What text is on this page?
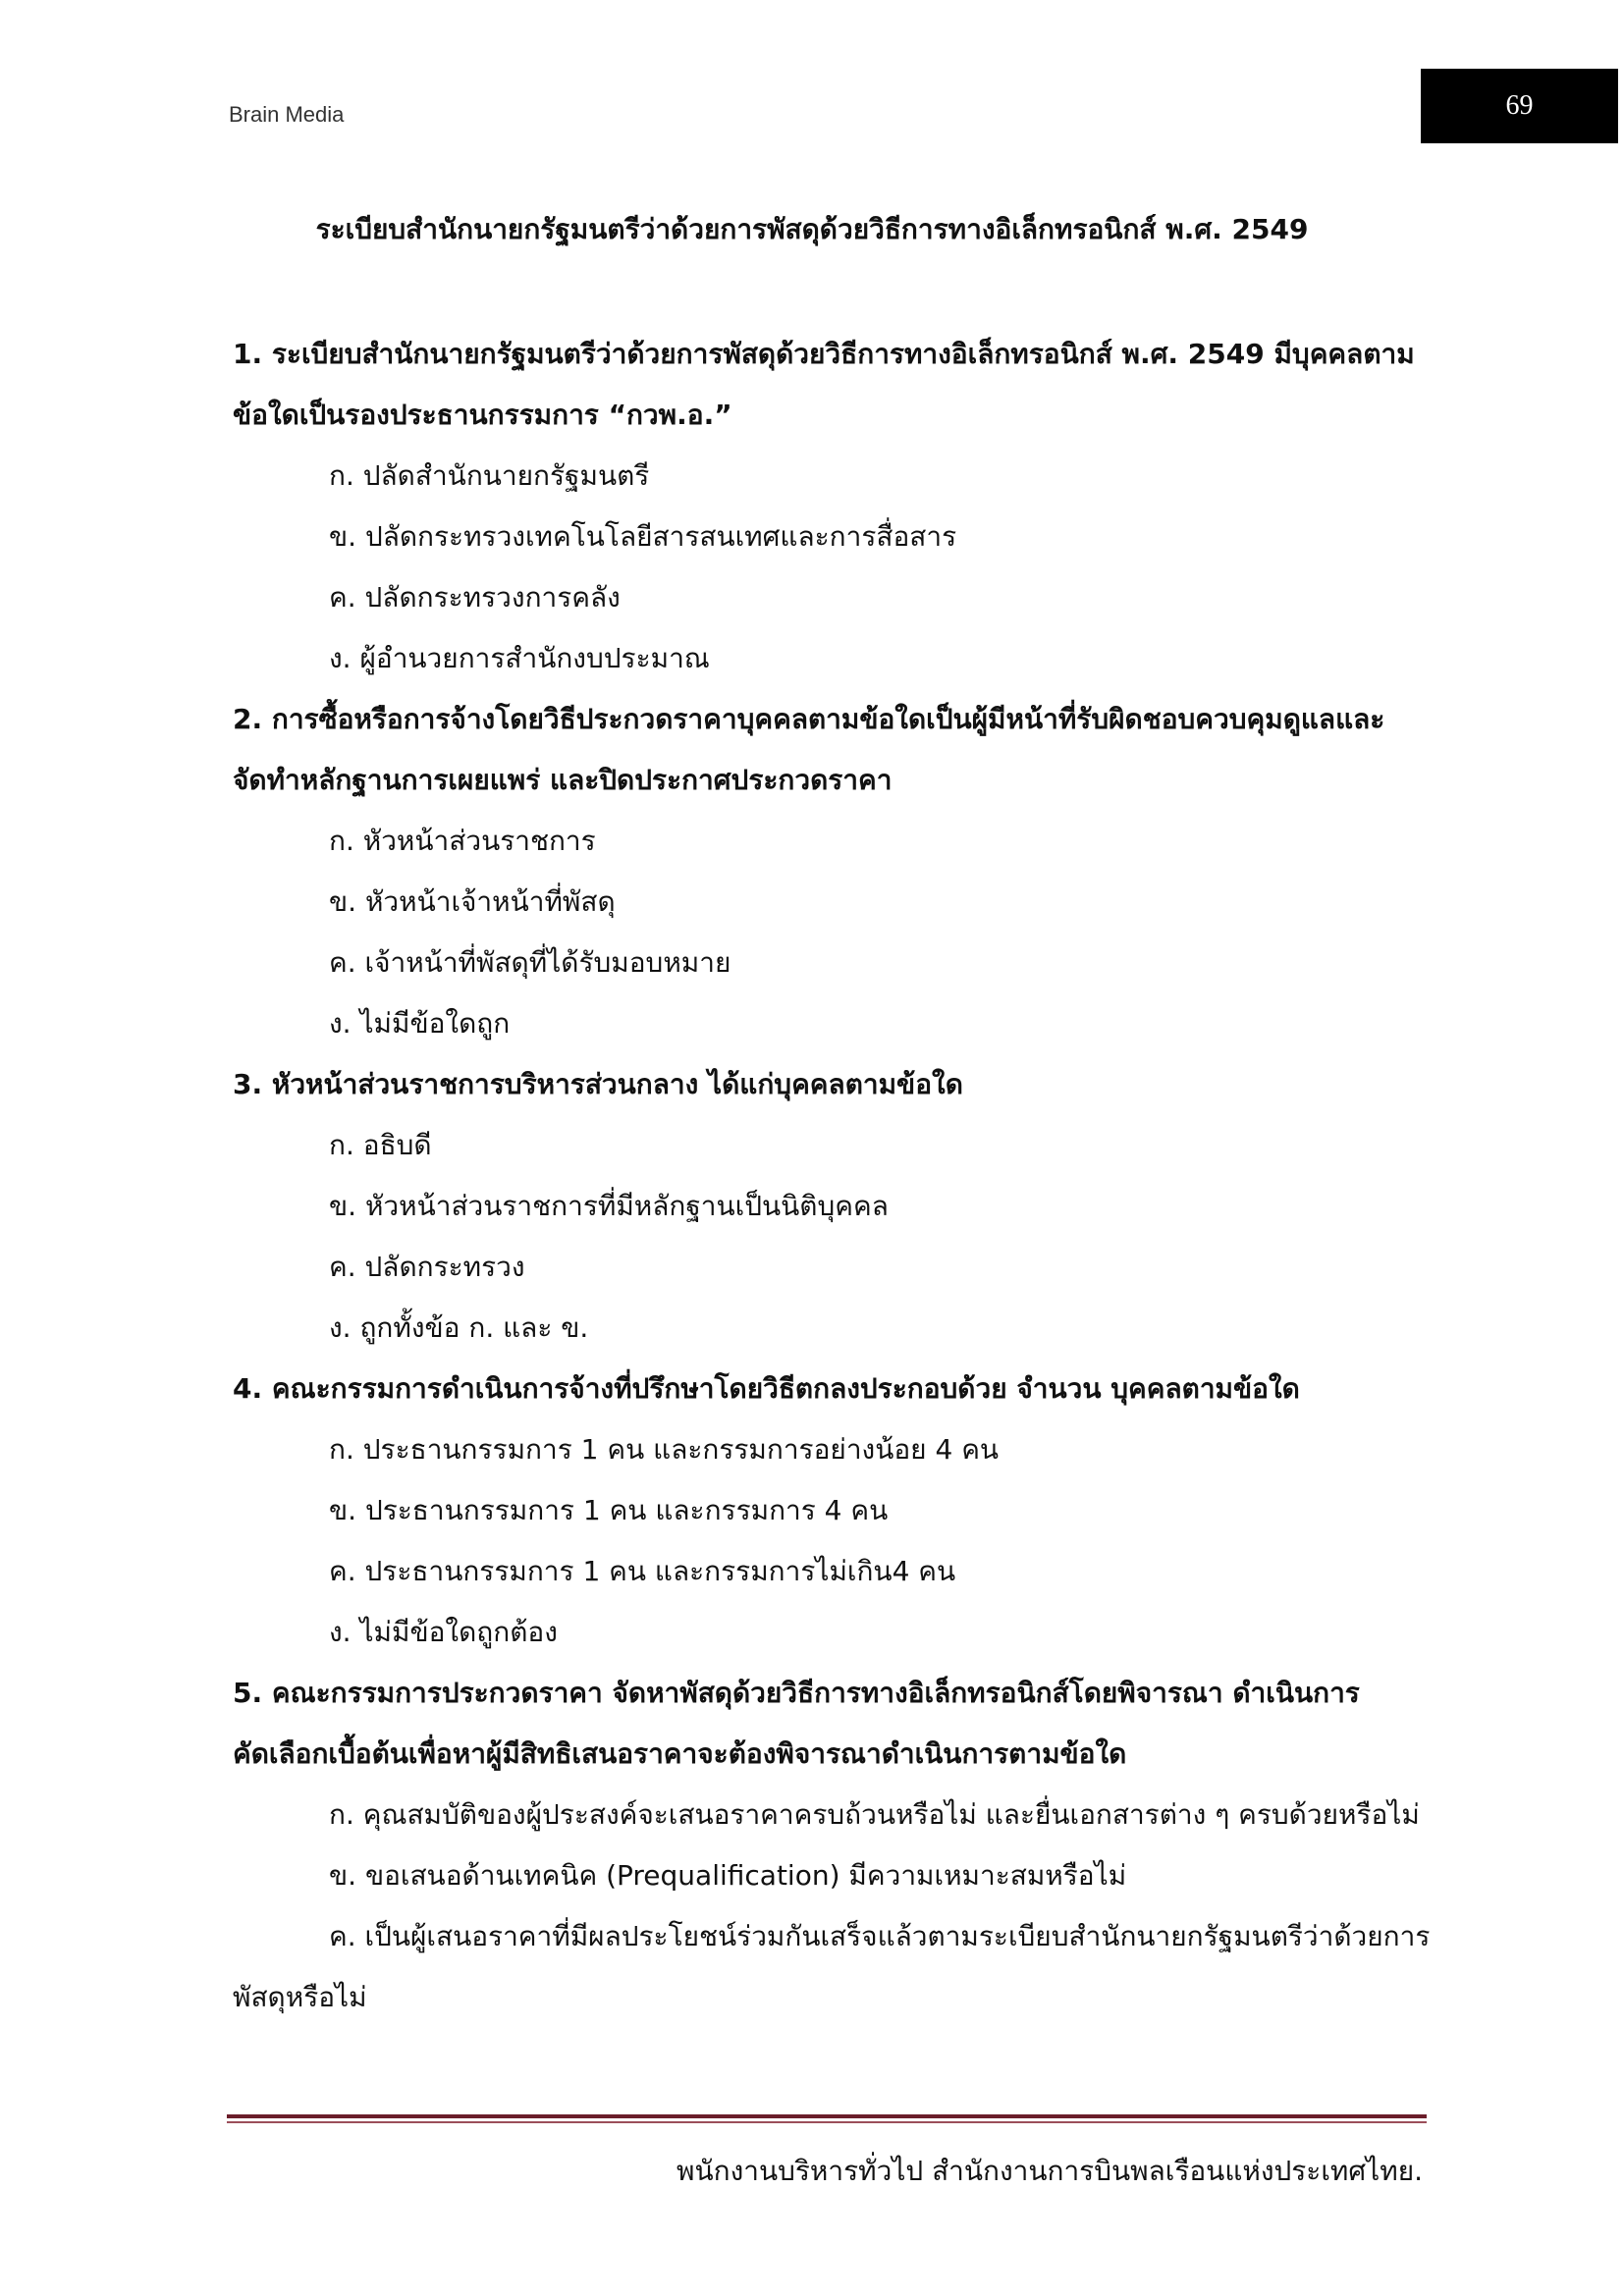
Brain Media	69
ระเบียบสำนักนายกรัฐมนตรีว่าด้วยการพัสดุด้วยวิธีการทางอิเล็กทรอนิกส์ พ.ศ. 2549
1. ระเบียบสำนักนายกรัฐมนตรีว่าด้วยการพัสดุด้วยวิธีการทางอิเล็กทรอนิกส์ พ.ศ. 2549 มีบุคคลตาม
ข้อใดเป็นรองประธานกรรมการ “กวพ.อ.”
ก. ปลัดสำนักนายกรัฐมนตรี
ข. ปลัดกระทรวงเทคโนโลยีสารสนเทศและการสื่อสาร
ค. ปลัดกระทรวงการคลัง
ง. ผู้อำนวยการสำนักงบประมาณ
2. การซื้อหรือการจ้างโดยวิธีประกวดราคาบุคคลตามข้อใดเป็นผู้มีหน้าที่รับผิดชอบควบคุมดูแลและ
จัดทำหลักฐานการเผยแพร่ และปิดประกาศประกวดราคา
ก. หัวหน้าส่วนราชการ
ข. หัวหน้าเจ้าหน้าที่พัสดุ
ค. เจ้าหน้าที่พัสดุที่ได้รับมอบหมาย
ง. ไม่มีข้อใดถูก
3. หัวหน้าส่วนราชการบริหารส่วนกลาง ได้แก่บุคคลตามข้อใด
ก. อธิบดี
ข. หัวหน้าส่วนราชการที่มีหลักฐานเป็นนิติบุคคล
ค. ปลัดกระทรวง
ง. ถูกทั้งข้อ ก. และ ข.
4. คณะกรรมการดำเนินการจ้างที่ปรึกษาโดยวิธีตกลงประกอบด้วย จำนวน บุคคลตามข้อใด
ก. ประธานกรรมการ 1 คน และกรรมการอย่างน้อย 4 คน
ข. ประธานกรรมการ 1 คน และกรรมการ 4 คน
ค. ประธานกรรมการ 1 คน และกรรมการไม่เกิน4 คน
ง. ไม่มีข้อใดถูกต้อง
5. คณะกรรมการประกวดราคา จัดหาพัสดุด้วยวิธีการทางอิเล็กทรอนิกส์โดยพิจารณา ดำเนินการ
คัดเลือกเบื้อต้นเพื่อหาผู้มีสิทธิเสนอราคาจะต้องพิจารณาดำเนินการตามข้อใด
ก. คุณสมบัติของผู้ประสงค์จะเสนอราคาครบถ้วนหรือไม่ และยื่นเอกสารต่าง ๆ ครบด้วยหรือไม่
ข. ขอเสนอด้านเทคนิค (Prequalification) มีความเหมาะสมหรือไม่
ค. เป็นผู้เสนอราคาที่มีผลประโยชน์ร่วมกันเสร็จแล้วตามระเบียบสำนักนายกรัฐมนตรีว่าด้วยการ
พัสดุหรือไม่
พนักงานบริหารทั่วไป สำนักงานการบินพลเรือนแห่งประเทศไทย.
